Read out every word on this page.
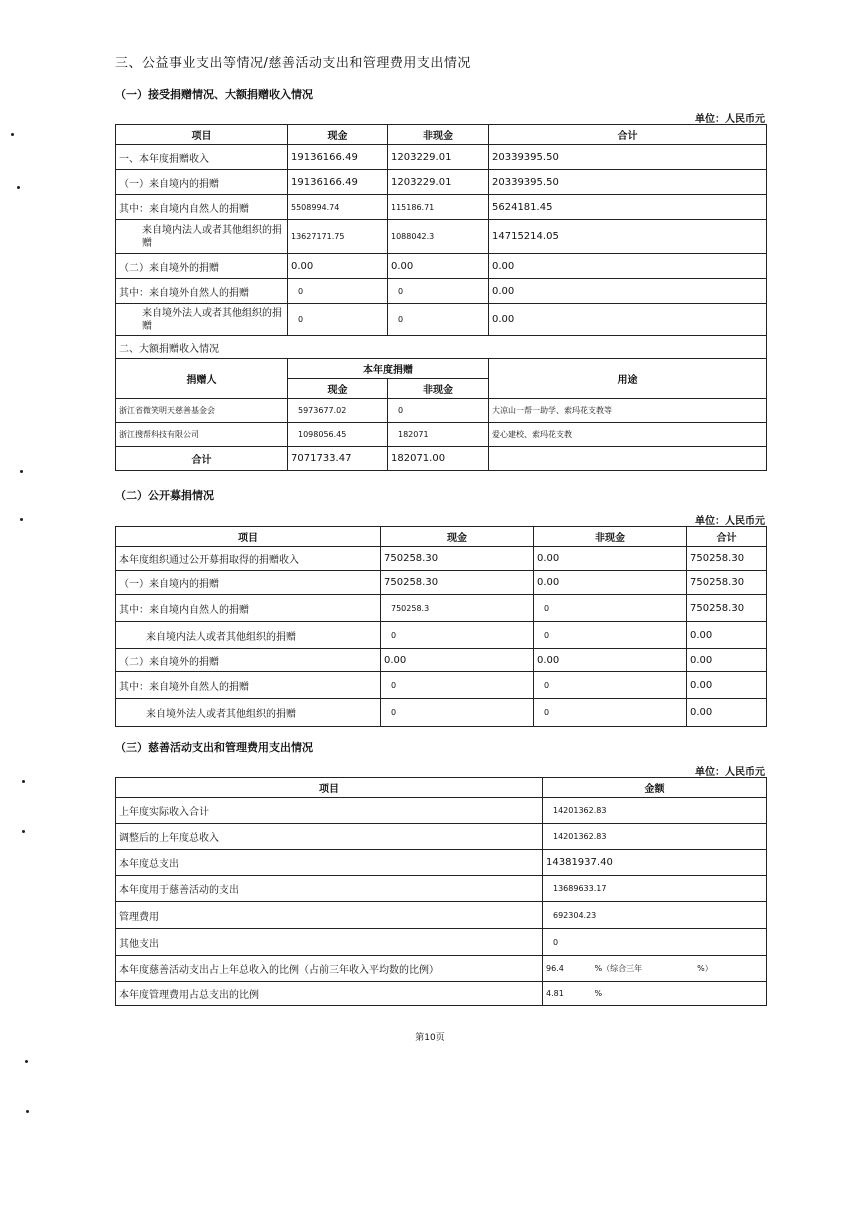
三、公益事业支出等情况/慈善活动支出和管理费用支出情况
（一）接受捐赠情况、大额捐赠收入情况
单位：人民币元
项目	现金	非现金	合计
一、本年度捐赠收入	19136166.49	1203229.01	20339395.50
（一）来自境内的捐赠	19136166.49	1203229.01	20339395.50
其中：来自境内自然人的捐赠	5508994.74	115186.71	5624181.45
来自境内法人或者其他组织的捐赠	13627171.75	1088042.3	14715214.05
（二）来自境外的捐赠	0.00	0.00	0.00
其中：来自境外自然人的捐赠	0	0	0.00
来自境外法人或者其他组织的捐赠	0	0	0.00
二、大额捐赠收入情况			
捐赠人	本年度捐赠		用途
	现金	非现金	
浙江省微笑明天慈善基金会	5973677.02	0	大凉山一帮一助学、索玛花支教等
浙江搜帮科技有限公司	1098056.45	182071	爱心建校、索玛花支教
合计	7071733.47	182071.00	
（二）公开募捐情况
单位：人民币元
项目	现金	非现金	合计
本年度组织通过公开募捐取得的捐赠收入	750258.30	0.00	750258.30
（一）来自境内的捐赠	750258.30	0.00	750258.30
其中：来自境内自然人的捐赠	750258.3	0	750258.30
来自境内法人或者其他组织的捐赠	0	0	0.00
（二）来自境外的捐赠	0.00	0.00	0.00
其中：来自境外自然人的捐赠	0	0	0.00
来自境外法人或者其他组织的捐赠	0	0	0.00
（三）慈善活动支出和管理费用支出情况
单位：人民币元
项目	金额
上年度实际收入合计	14201362.83
调整后的上年度总收入	14201362.83
本年度总支出	14381937.40
本年度用于慈善活动的支出	13689633.17
管理费用	692304.23
其他支出	0
本年度慈善活动支出占上年总收入的比例（占前三年收入平均数的比例）	96.4 %（综合三年 %）
本年度管理费用占总支出的比例	4.81 %
第10页
